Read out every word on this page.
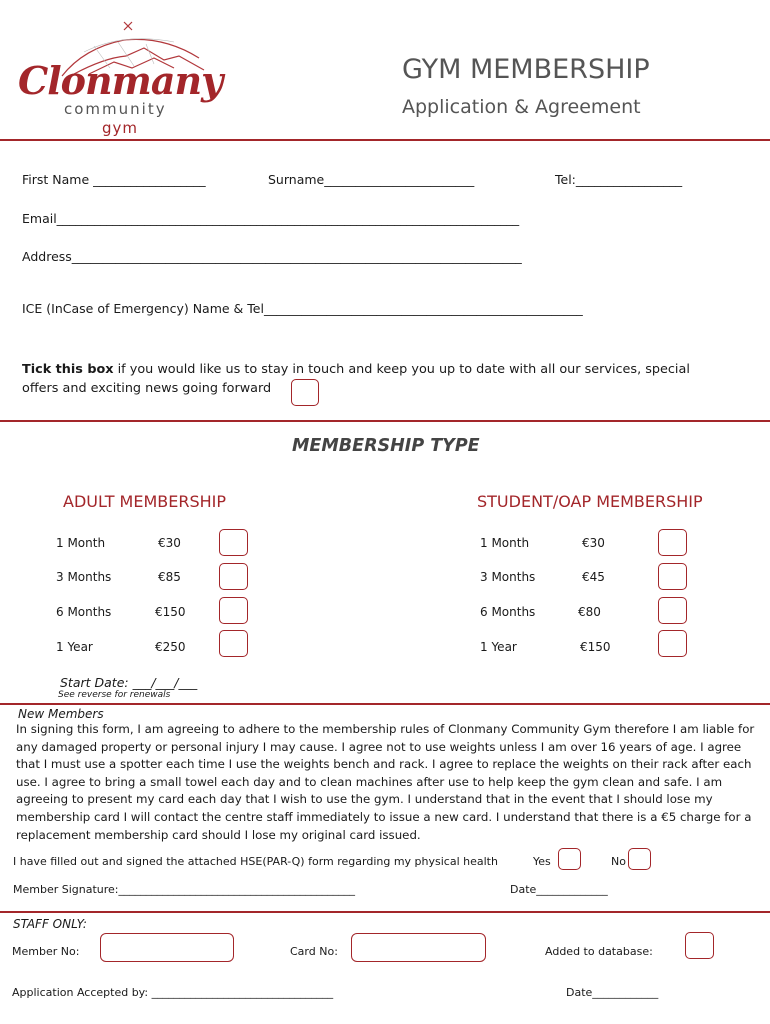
Clonmany
community
gym
GYM MEMBERSHIP
Application & Agreement
First Name __________________	Surname________________________	Tel:_________________
Email__________________________________________________________________________
Address________________________________________________________________________
ICE (InCase of Emergency) Name & Tel___________________________________________________
Tick this box if you would like us to stay in touch and keep you up to date with all our services, special
offers and exciting news going forward
MEMBERSHIP TYPE
ADULT MEMBERSHIP	STUDENT/OAP MEMBERSHIP
1 Month	€30
3 Months	€85
6 Months	€150
1 Year	€250
1 Month	€30
3 Months	€45
6 Months	€80
1 Year	€150
Start Date: ___/___/___
See reverse for renewals
New Members
In signing this form, I am agreeing to adhere to the membership rules of Clonmany Community Gym therefore I am liable for any damaged property or personal injury I may cause. I agree not to use weights unless I am over 16 years of age. I agree that I must use a spotter each time I use the weights bench and rack. I agree to replace the weights on their rack after each use. I agree to bring a small towel each day and to clean machines after use to help keep the gym clean and safe. I am agreeing to present my card each day that I wish to use the gym. I understand that in the event that I should lose my membership card I will contact the centre staff immediately to issue a new card. I understand that there is a €5 charge for a replacement membership card should I lose my original card issued.
I have filled out and signed the attached HSE(PAR-Q) form regarding my physical health	Yes	No
Member Signature:___________________________________________	Date_____________
STAFF ONLY:
Member No:	Card No:	Added to database:
Application Accepted by: _________________________________	Date____________
